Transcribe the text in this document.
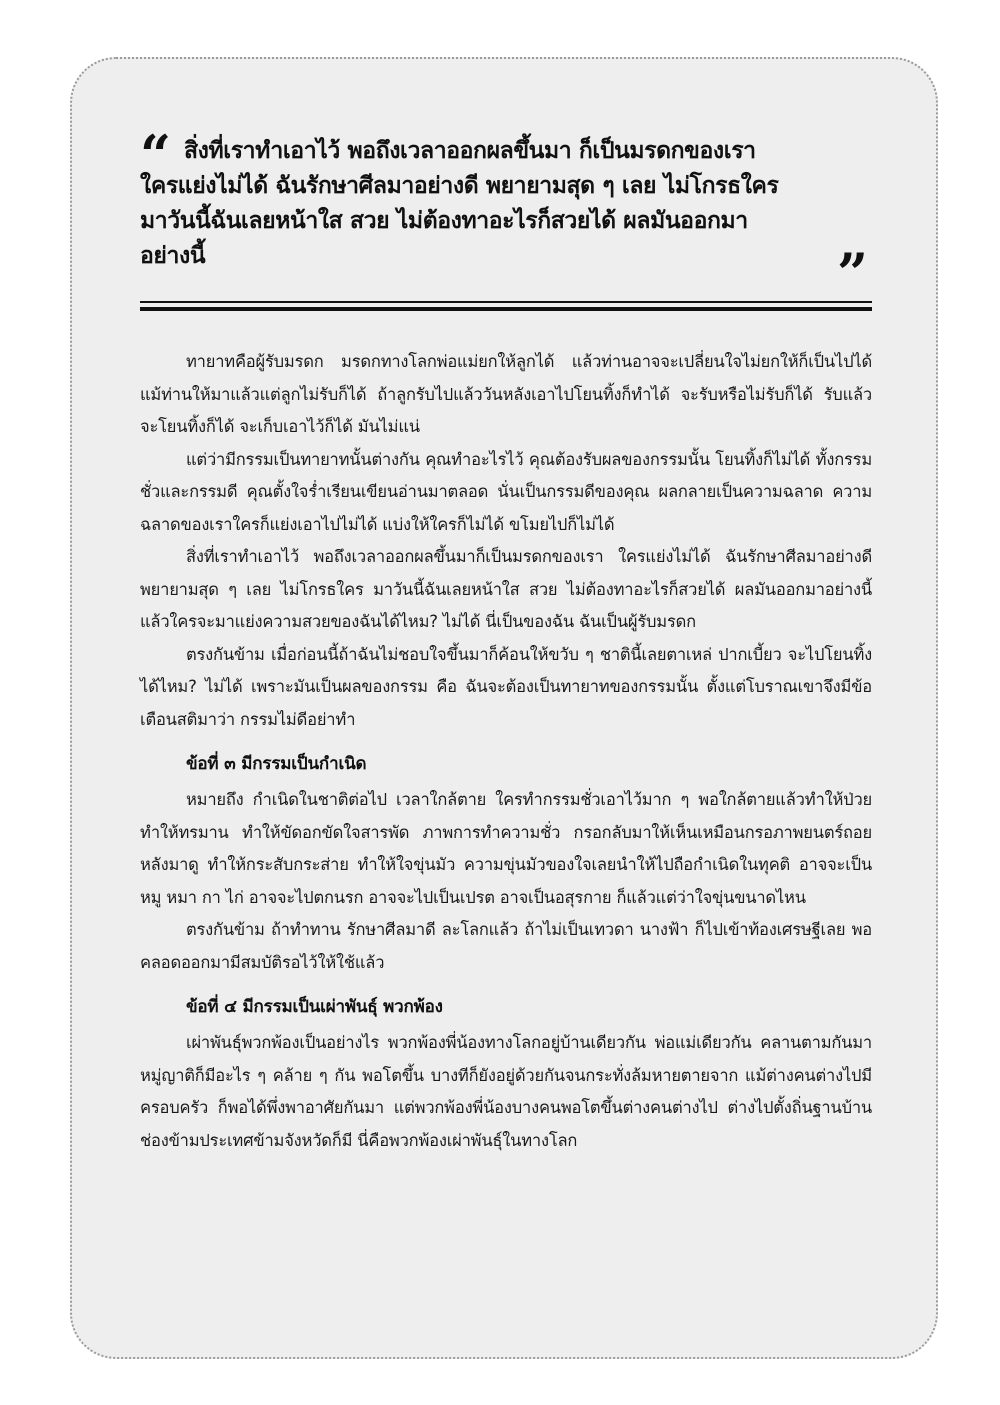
“ สิ่งที่เราทำเอาไว้ พอถึงเวลาออกผลขึ้นมา ก็เป็นมรดกของเรา
ใครแย่งไม่ได้ ฉันรักษาศีลมาอย่างดี พยายามสุด ๆ เลย ไม่โกรธใคร
มาวันนี้ฉันเลยหน้าใส สวย ไม่ต้องทาอะไรก็สวยได้ ผลมันออกมา
อย่างนี้	”

ทายาทคือผู้รับมรดก มรดกทางโลกพ่อแม่ยกให้ลูกได้ แล้วท่านอาจจะเปลี่ยนใจไม่ยกให้ก็เป็นไปได้ แม้ท่านให้มาแล้วแต่ลูกไม่รับก็ได้ ถ้าลูกรับไปแล้ววันหลังเอาไปโยนทิ้งก็ทำได้ จะรับหรือไม่รับก็ได้ รับแล้วจะโยนทิ้งก็ได้ จะเก็บเอาไว้ก็ได้ มันไม่แน่

แต่ว่ามีกรรมเป็นทายาทนั้นต่างกัน คุณทำอะไรไว้ คุณต้องรับผลของกรรมนั้น โยนทิ้งก็ไม่ได้ ทั้งกรรมชั่วและกรรมดี คุณตั้งใจร่ำเรียนเขียนอ่านมาตลอด นั่นเป็นกรรมดีของคุณ ผลกลายเป็นความฉลาด ความฉลาดของเราใครก็แย่งเอาไปไม่ได้ แบ่งให้ใครก็ไม่ได้ ขโมยไปก็ไม่ได้

สิ่งที่เราทำเอาไว้ พอถึงเวลาออกผลขึ้นมาก็เป็นมรดกของเรา ใครแย่งไม่ได้ ฉันรักษาศีลมาอย่างดี พยายามสุด ๆ เลย ไม่โกรธใคร มาวันนี้ฉันเลยหน้าใส สวย ไม่ต้องทาอะไรก็สวยได้ ผลมันออกมาอย่างนี้ แล้วใครจะมาแย่งความสวยของฉันได้ไหม? ไม่ได้ นี่เป็นของฉัน ฉันเป็นผู้รับมรดก

ตรงกันข้าม เมื่อก่อนนี้ถ้าฉันไม่ชอบใจขึ้นมาก็ค้อนให้ขวับ ๆ ชาตินี้เลยตาเหล่ ปากเบี้ยว จะไปโยนทิ้งได้ไหม? ไม่ได้ เพราะมันเป็นผลของกรรม คือ ฉันจะต้องเป็นทายาทของกรรมนั้น ตั้งแต่โบราณเขาจึงมีข้อเตือนสติมาว่า กรรมไม่ดีอย่าทำ

ข้อที่ ๓ มีกรรมเป็นกำเนิด

หมายถึง กำเนิดในชาติต่อไป เวลาใกล้ตาย ใครทำกรรมชั่วเอาไว้มาก ๆ พอใกล้ตายแล้วทำให้ป่วย ทำให้ทรมาน ทำให้ขัดอกขัดใจสารพัด ภาพการทำความชั่ว กรอกลับมาให้เห็นเหมือนกรอภาพยนตร์ถอยหลังมาดู ทำให้กระสับกระส่าย ทำให้ใจขุ่นมัว ความขุ่นมัวของใจเลยนำให้ไปถือกำเนิดในทุคติ อาจจะเป็นหมู หมา กา ไก่ อาจจะไปตกนรก อาจจะไปเป็นเปรต อาจเป็นอสุรกาย ก็แล้วแต่ว่าใจขุ่นขนาดไหน

ตรงกันข้าม ถ้าทำทาน รักษาศีลมาดี ละโลกแล้ว ถ้าไม่เป็นเทวดา นางฟ้า ก็ไปเข้าท้องเศรษฐีเลย พอคลอดออกมามีสมบัติรอไว้ให้ใช้แล้ว

ข้อที่ ๔ มีกรรมเป็นเผ่าพันธุ์ พวกพ้อง

เผ่าพันธุ์พวกพ้องเป็นอย่างไร พวกพ้องพี่น้องทางโลกอยู่บ้านเดียวกัน พ่อแม่เดียวกัน คลานตามกันมา หมู่ญาติก็มีอะไร ๆ คล้าย ๆ กัน พอโตขึ้น บางทีก็ยังอยู่ด้วยกันจนกระทั่งล้มหายตายจาก แม้ต่างคนต่างไปมีครอบครัว ก็พอได้พึ่งพาอาศัยกันมา แต่พวกพ้องพี่น้องบางคนพอโตขึ้นต่างคนต่างไป ต่างไปตั้งถิ่นฐานบ้านช่องข้ามประเทศข้ามจังหวัดก็มี นี่คือพวกพ้องเผ่าพันธุ์ในทางโลก
